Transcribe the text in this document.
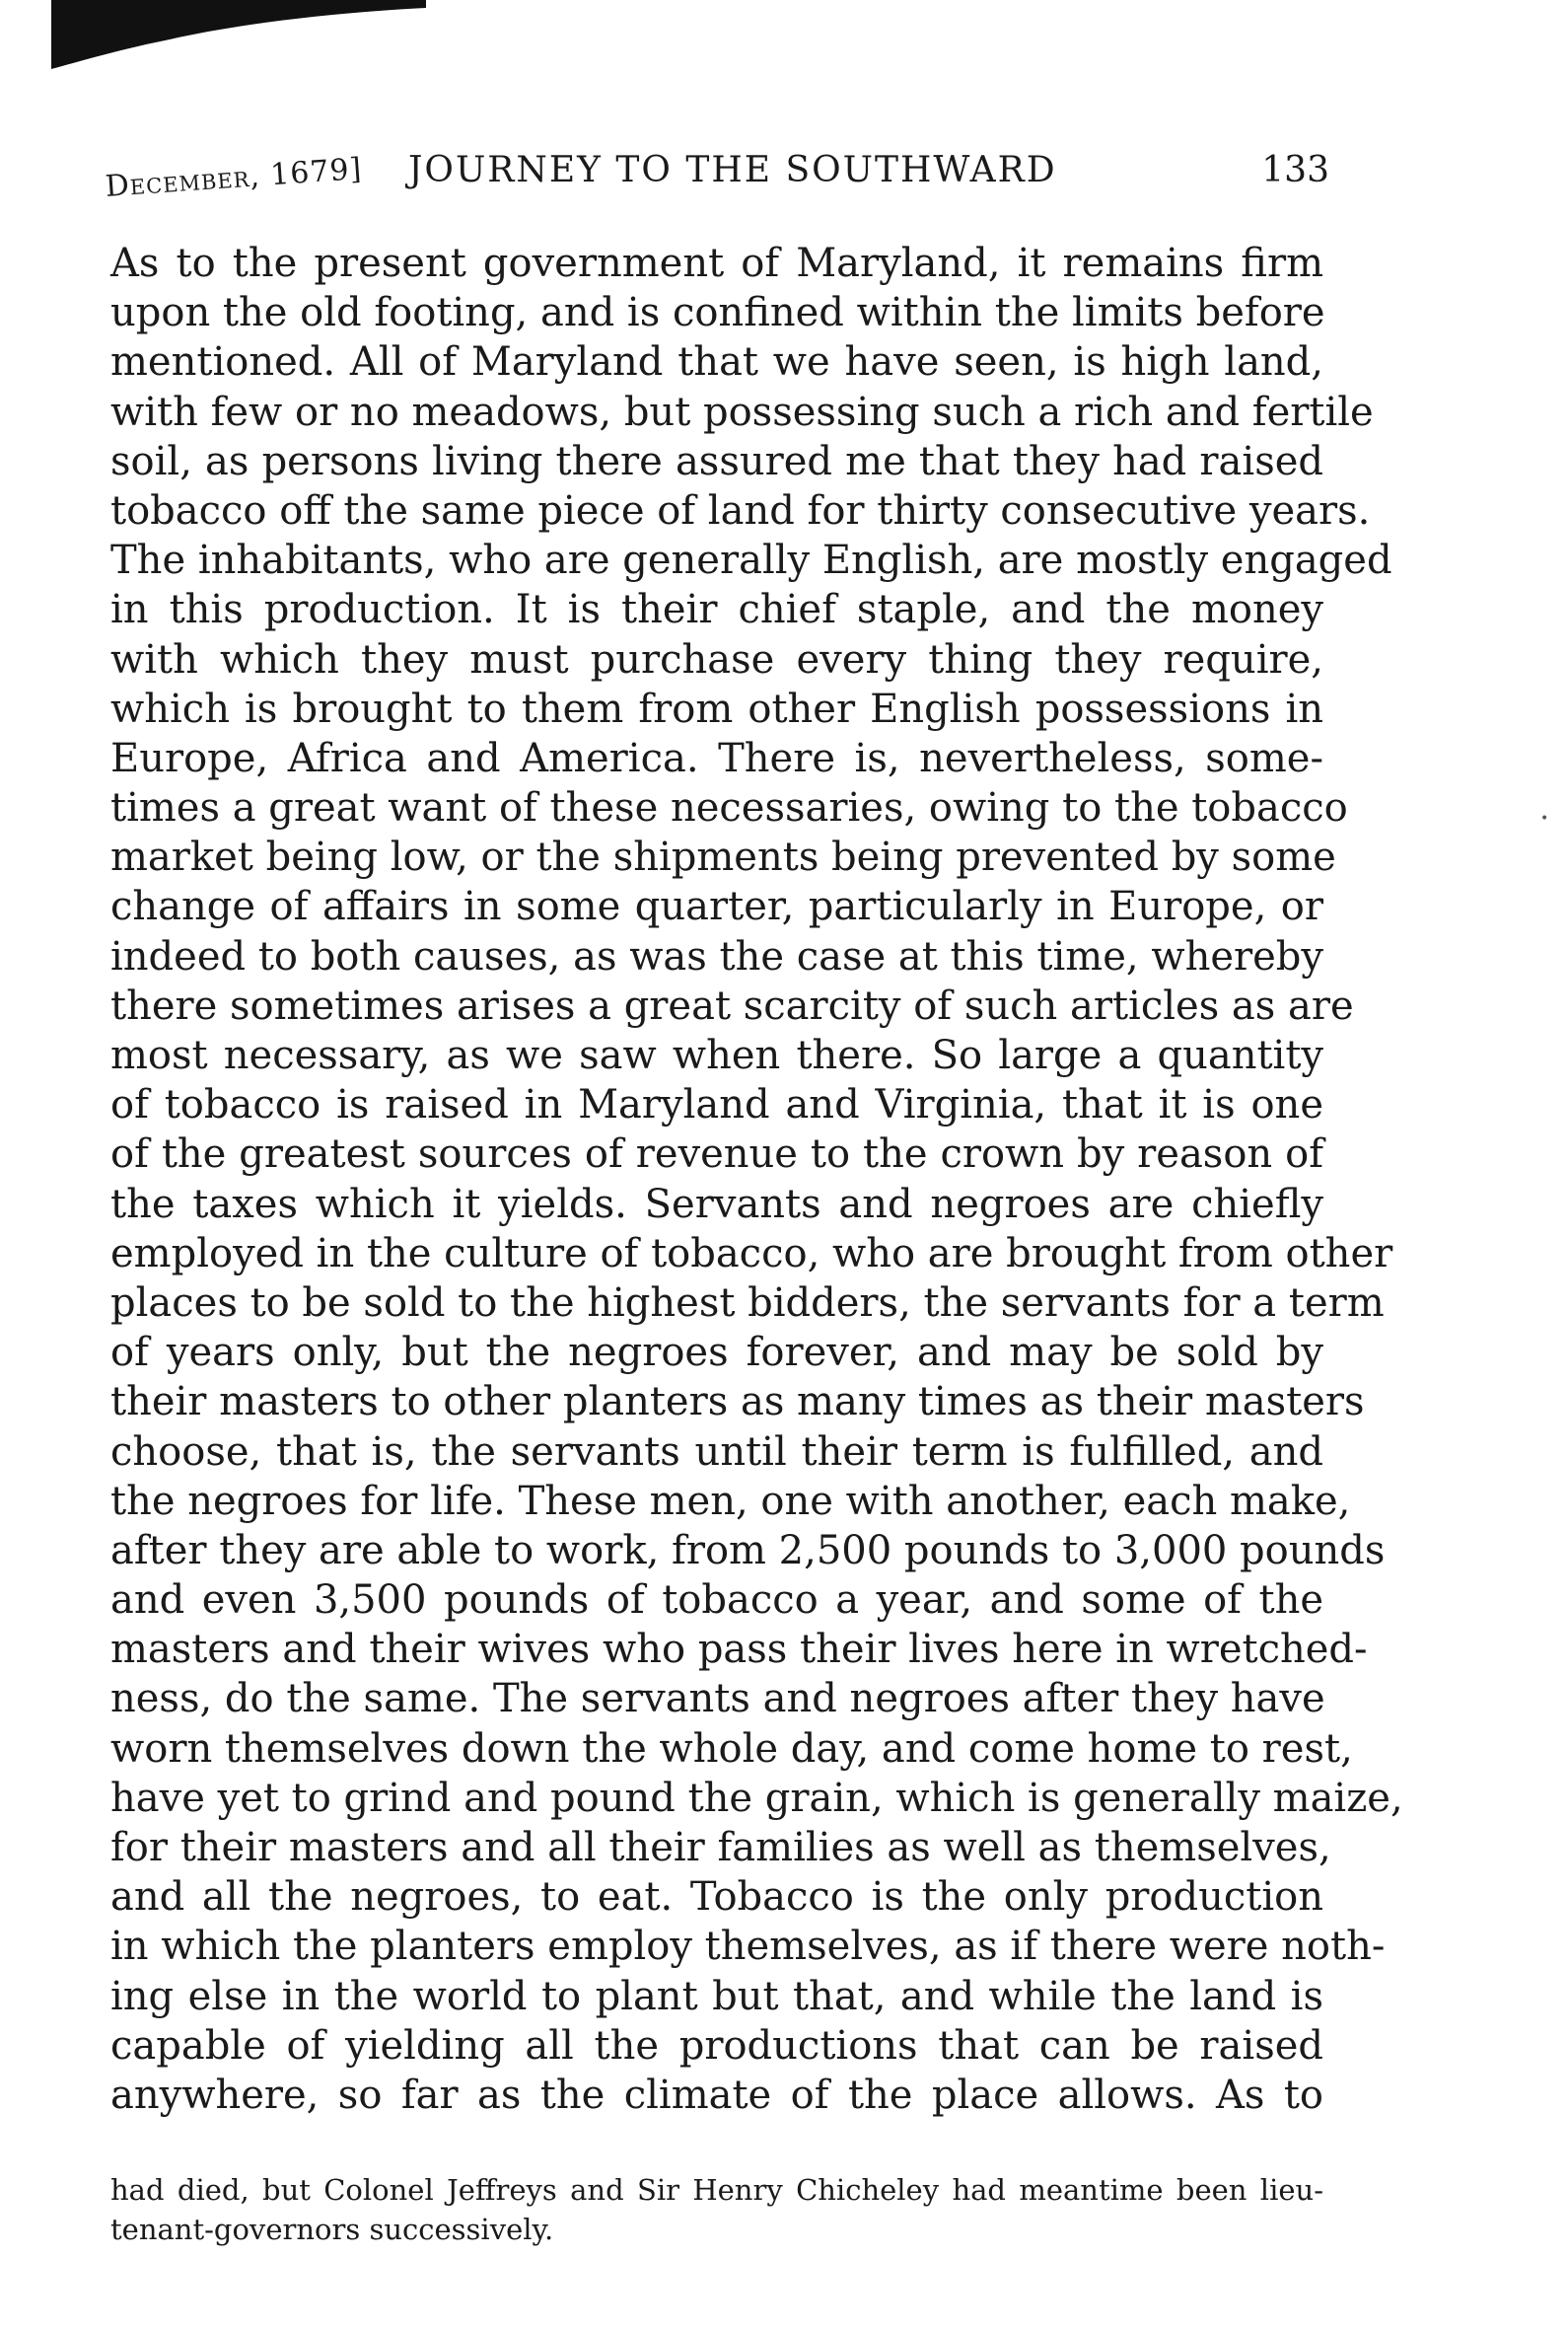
December, 1679] JOURNEY TO THE SOUTHWARD	133
As to the present government of Maryland, it remains firm
upon the old footing, and is confined within the limits before
mentioned. All of Maryland that we have seen, is high land,
with few or no meadows, but possessing such a rich and fertile
soil, as persons living there assured me that they had raised
tobacco off the same piece of land for thirty consecutive years.
The inhabitants, who are generally English, are mostly engaged
in this production. It is their chief staple, and the money
with which they must purchase every thing they require,
which is brought to them from other English possessions in
Europe, Africa and America. There is, nevertheless, some-
times a great want of these necessaries, owing to the tobacco
market being low, or the shipments being prevented by some
change of affairs in some quarter, particularly in Europe, or
indeed to both causes, as was the case at this time, whereby
there sometimes arises a great scarcity of such articles as are
most necessary, as we saw when there. So large a quantity
of tobacco is raised in Maryland and Virginia, that it is one
of the greatest sources of revenue to the crown by reason of
the taxes which it yields. Servants and negroes are chiefly
employed in the culture of tobacco, who are brought from other
places to be sold to the highest bidders, the servants for a term
of years only, but the negroes forever, and may be sold by
their masters to other planters as many times as their masters
choose, that is, the servants until their term is fulfilled, and
the negroes for life. These men, one with another, each make,
after they are able to work, from 2,500 pounds to 3,000 pounds
and even 3,500 pounds of tobacco a year, and some of the
masters and their wives who pass their lives here in wretched-
ness, do the same. The servants and negroes after they have
worn themselves down the whole day, and come home to rest,
have yet to grind and pound the grain, which is generally maize,
for their masters and all their families as well as themselves,
and all the negroes, to eat. Tobacco is the only production
in which the planters employ themselves, as if there were noth-
ing else in the world to plant but that, and while the land is
capable of yielding all the productions that can be raised
anywhere, so far as the climate of the place allows. As to
had died, but Colonel Jeffreys and Sir Henry Chicheley had meantime been lieu-
tenant-governors successively.
•
